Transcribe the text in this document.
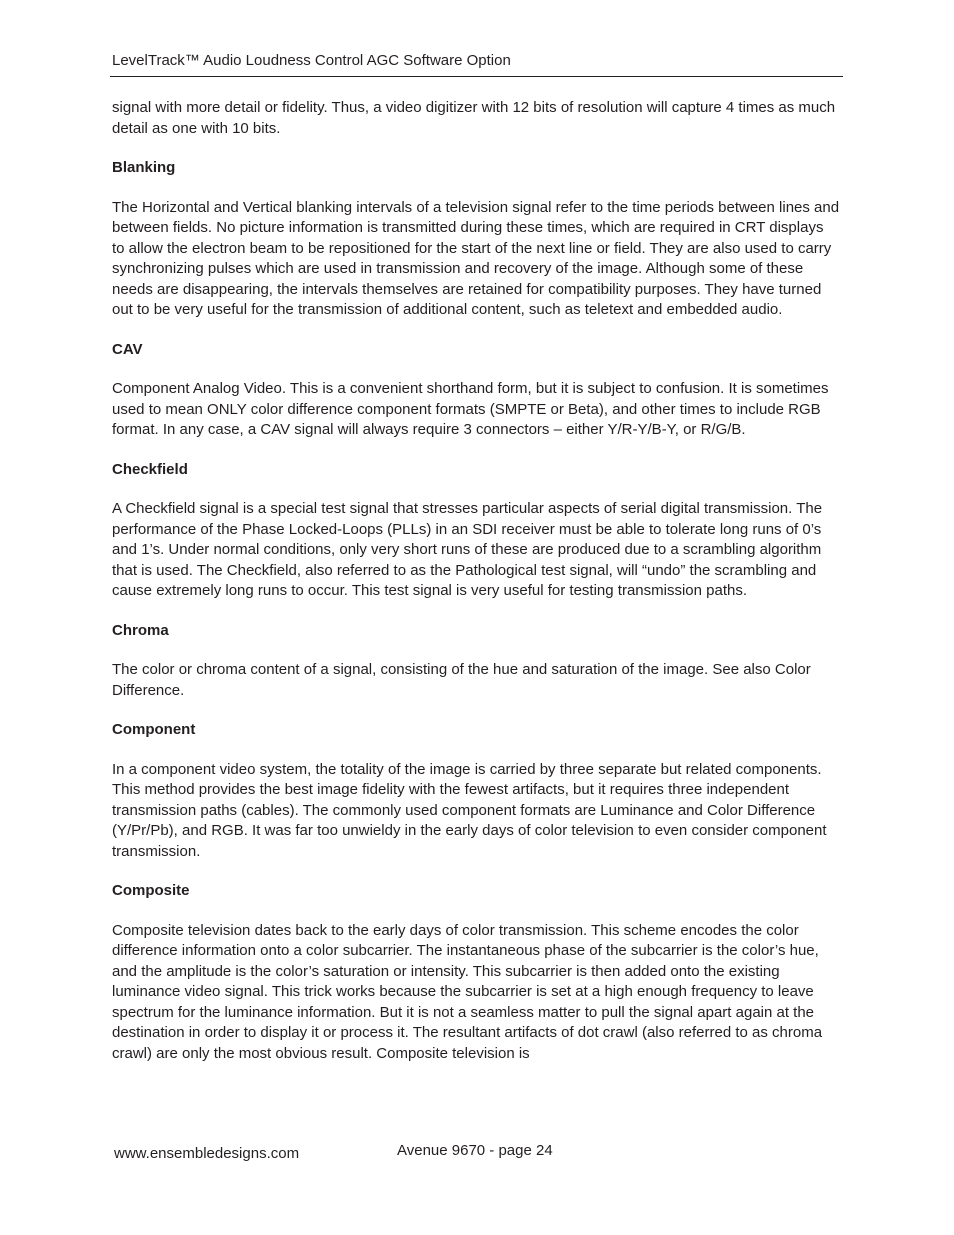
LevelTrack™ Audio Loudness Control AGC Software Option

signal with more detail or fidelity. Thus, a video digitizer with 12 bits of resolution will capture 4 times as much detail as one with 10 bits.

Blanking

The Horizontal and Vertical blanking intervals of a television signal refer to the time periods between lines and between fields. No picture information is transmitted during these times, which are required in CRT displays to allow the electron beam to be repositioned for the start of the next line or field. They are also used to carry synchronizing pulses which are used in transmission and recovery of the image. Although some of these needs are disappearing, the intervals themselves are retained for compatibility purposes. They have turned out to be very useful for the transmission of additional content, such as teletext and embedded audio.

CAV

Component Analog Video. This is a convenient shorthand form, but it is subject to confusion. It is sometimes used to mean ONLY color difference component formats (SMPTE or Beta), and other times to include RGB format. In any case, a CAV signal will always require 3 connectors – either Y/R-Y/B-Y, or R/G/B.

Checkfield

A Checkfield signal is a special test signal that stresses particular aspects of serial digital transmission. The performance of the Phase Locked-Loops (PLLs) in an SDI receiver must be able to tolerate long runs of 0’s and 1’s. Under normal conditions, only very short runs of these are produced due to a scrambling algorithm that is used. The Checkfield, also referred to as the Pathological test signal, will “undo” the scrambling and cause extremely long runs to occur. This test signal is very useful for testing transmission paths.

Chroma

The color or chroma content of a signal, consisting of the hue and saturation of the image. See also Color Difference.

Component

In a component video system, the totality of the image is carried by three separate but related components. This method provides the best image fidelity with the fewest artifacts, but it requires three independent transmission paths (cables). The commonly used component formats are Luminance and Color Difference (Y/Pr/Pb), and RGB. It was far too unwieldy in the early days of color television to even consider component transmission.

Composite

Composite television dates back to the early days of color transmission. This scheme encodes the color difference information onto a color subcarrier. The instantaneous phase of the subcarrier is the color’s hue, and the amplitude is the color’s saturation or intensity. This subcarrier is then added onto the existing luminance video signal. This trick works because the subcarrier is set at a high enough frequency to leave spectrum for the luminance information. But it is not a seamless matter to pull the signal apart again at the destination in order to display it or process it. The resultant artifacts of dot crawl (also referred to as chroma crawl) are only the most obvious result. Composite television is

www.ensembledesigns.com	Avenue 9670 - page 24
